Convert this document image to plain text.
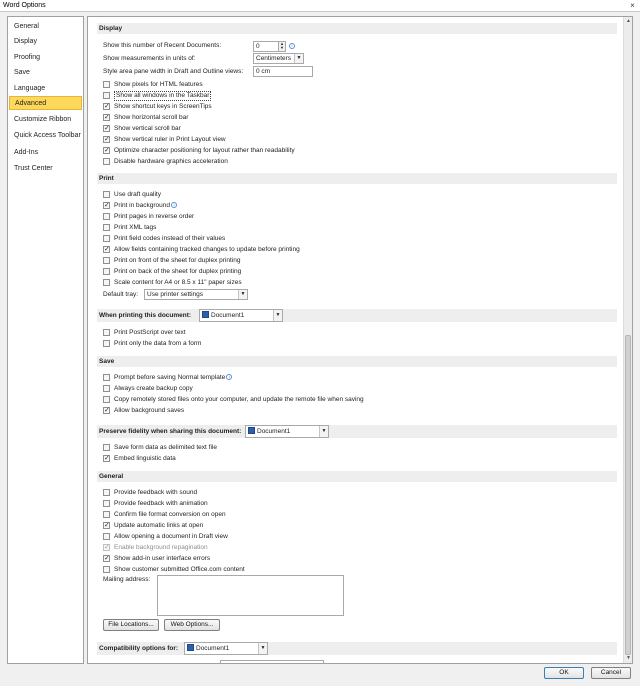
Word Options	×
General
Display
Proofing
Save
Language
Advanced
Customize Ribbon
Quick Access Toolbar
Add-Ins
Trust Center
Display
Show this number of Recent Documents:	0	▲
▼	i
Show measurements in units of:	Centimeters	▼
Style area pane width in Draft and Outline views:	0 cm
Show pixels for HTML features
Show all windows in the Taskbar
✓ Show shortcut keys in ScreenTips
✓ Show horizontal scroll bar
✓ Show vertical scroll bar
✓ Show vertical ruler in Print Layout view
✓ Optimize character positioning for layout rather than readability
Disable hardware graphics acceleration
Print
Use draft quality
✓ Print in background i
Print pages in reverse order
Print XML tags
Print field codes instead of their values
✓ Allow fields containing tracked changes to update before printing
Print on front of the sheet for duplex printing
Print on back of the sheet for duplex printing
Scale content for A4 or 8.5 x 11" paper sizes
Default tray:	Use printer settings	▼
When printing this document:	Document1	▼
Print PostScript over text
Print only the data from a form
Save
Prompt before saving Normal template i
Always create backup copy
Copy remotely stored files onto your computer, and update the remote file when saving
✓ Allow background saves
Preserve fidelity when sharing this document:	Document1	▼
Save form data as delimited text file
✓ Embed linguistic data
General
Provide feedback with sound
Provide feedback with animation
Confirm file format conversion on open
✓ Update automatic links at open
Allow opening a document in Draft view
✓ Enable background repagination
✓ Show add-in user interface errors
Show customer submitted Office.com content
Mailing address:
File Locations...	Web Options...
Compatibility options for:	Document1	▼
▲
▼
OK	Cancel
